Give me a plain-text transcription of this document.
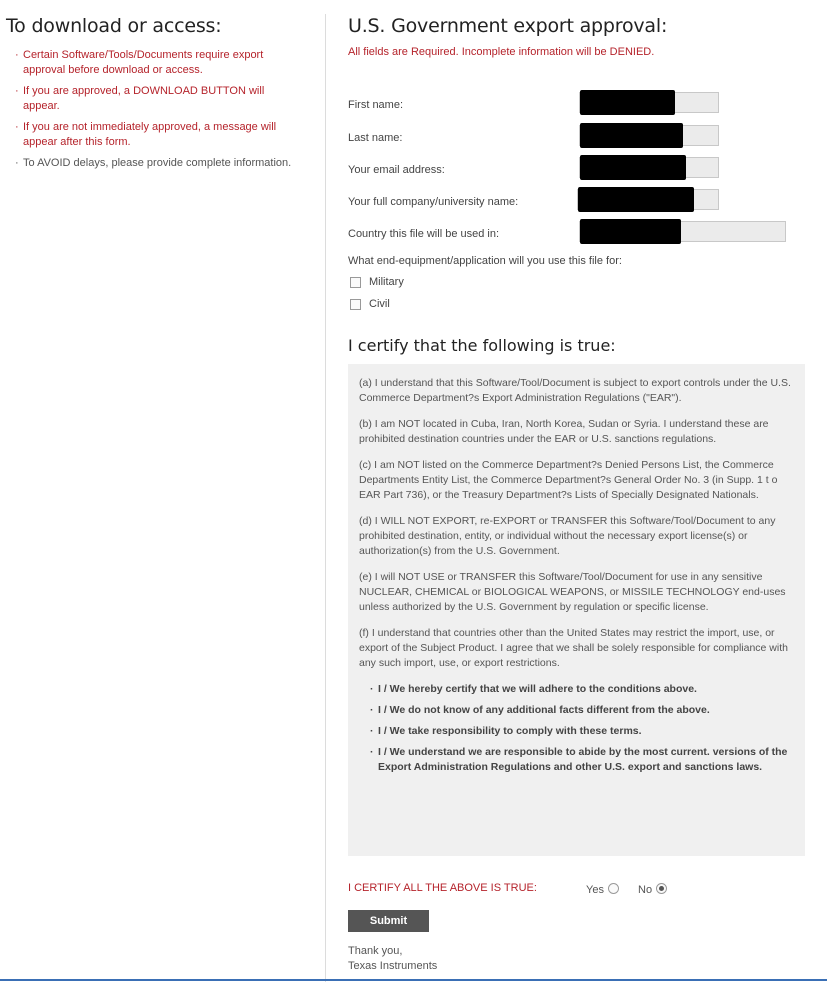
To download or access:
· Certain Software/Tools/Documents require export approval before download or access.
· If you are approved, a DOWNLOAD BUTTON will appear.
· If you are not immediately approved, a message will appear after this form.
· To AVOID delays, please provide complete information.
U.S. Government export approval:
All fields are Required. Incomplete information will be DENIED.
First name:
Last name:
Your email address:
Your full company/university name:
Country this file will be used in:
What end-equipment/application will you use this file for:
Military
Civil
I certify that the following is true:

(a) I understand that this Software/Tool/Document is subject to export controls under the U.S. Commerce Department?s Export Administration Regulations ("EAR").

(b) I am NOT located in Cuba, Iran, North Korea, Sudan or Syria. I understand these are prohibited destination countries under the EAR or U.S. sanctions regulations.

(c) I am NOT listed on the Commerce Department?s Denied Persons List, the Commerce Departments Entity List, the Commerce Department?s General Order No. 3 (in Supp. 1 t o EAR Part 736), or the Treasury Department?s Lists of Specially Designated Nationals.

(d) I WILL NOT EXPORT, re-EXPORT or TRANSFER this Software/Tool/Document to any prohibited destination, entity, or individual without the necessary export license(s) or authorization(s) from the U.S. Government.

(e) I will NOT USE or TRANSFER this Software/Tool/Document for use in any sensitive NUCLEAR, CHEMICAL or BIOLOGICAL WEAPONS, or MISSILE TECHNOLOGY end-uses unless authorized by the U.S. Government by regulation or specific license.

(f) I understand that countries other than the United States may restrict the import, use, or export of the Subject Product. I agree that we shall be solely responsible for compliance with any such import, use, or export restrictions.

· I / We hereby certify that we will adhere to the conditions above.
· I / We do not know of any additional facts different from the above.
· I / We take responsibility to comply with these terms.
· I / We understand we are responsible to abide by the most current. versions of the Export Administration Regulations and other U.S. export and sanctions laws.
I CERTIFY ALL THE ABOVE IS TRUE:	Yes	No
Submit
Thank you,
Texas Instruments
